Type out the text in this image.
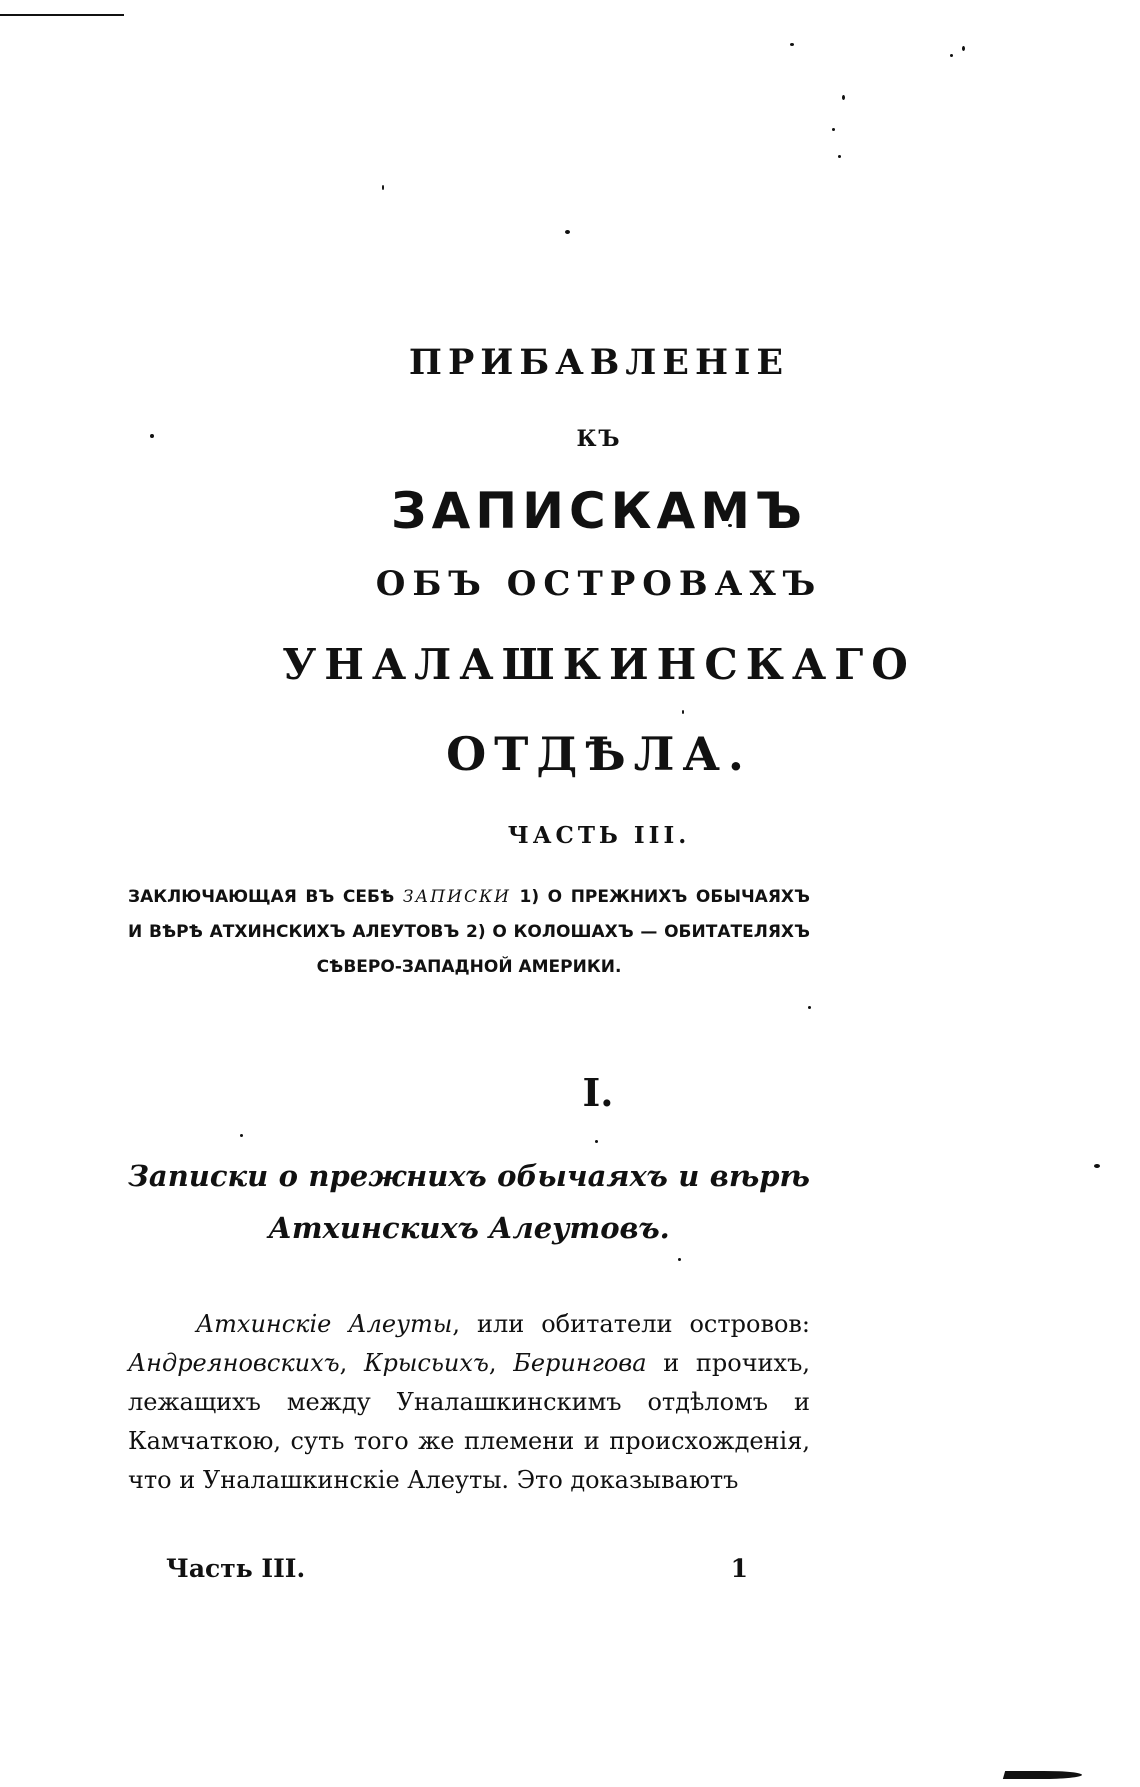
ПРИБАВЛЕНІЕ
КЪ
ЗАПИСКАМЪ
ОБЪ ОСТРОВАХЪ
УНАЛАШКИНСКАГО
ОТДѢЛА.
ЧАСТЬ III.
ЗАКЛЮЧАЮЩАЯ ВЪ СЕБѢ ЗАПИСКИ 1) О ПРЕЖНИХЪ ОБЫЧАЯХЪ И ВѢРѢ АТХИНСКИХЪ АЛЕУТОВЪ 2) О КОЛОШАХЪ — ОБИТАТЕЛЯХЪ СѢВЕРО-ЗАПАДНОЙ АМЕРИКИ.
I.
Записки о прежнихъ обычаяхъ и вѣрѣ Атхинскихъ Алеутовъ.
Атхинскіе Алеуты, или обитатели островов: Андреяновскихъ, Крысьихъ, Берингова и прочихъ, лежащихъ между Уналашкинскимъ отдѣломъ и Камчаткою, суть того же племени и происхожденія, что и Уналашкинскіе Алеуты. Это доказываютъ
Часть III.	1
